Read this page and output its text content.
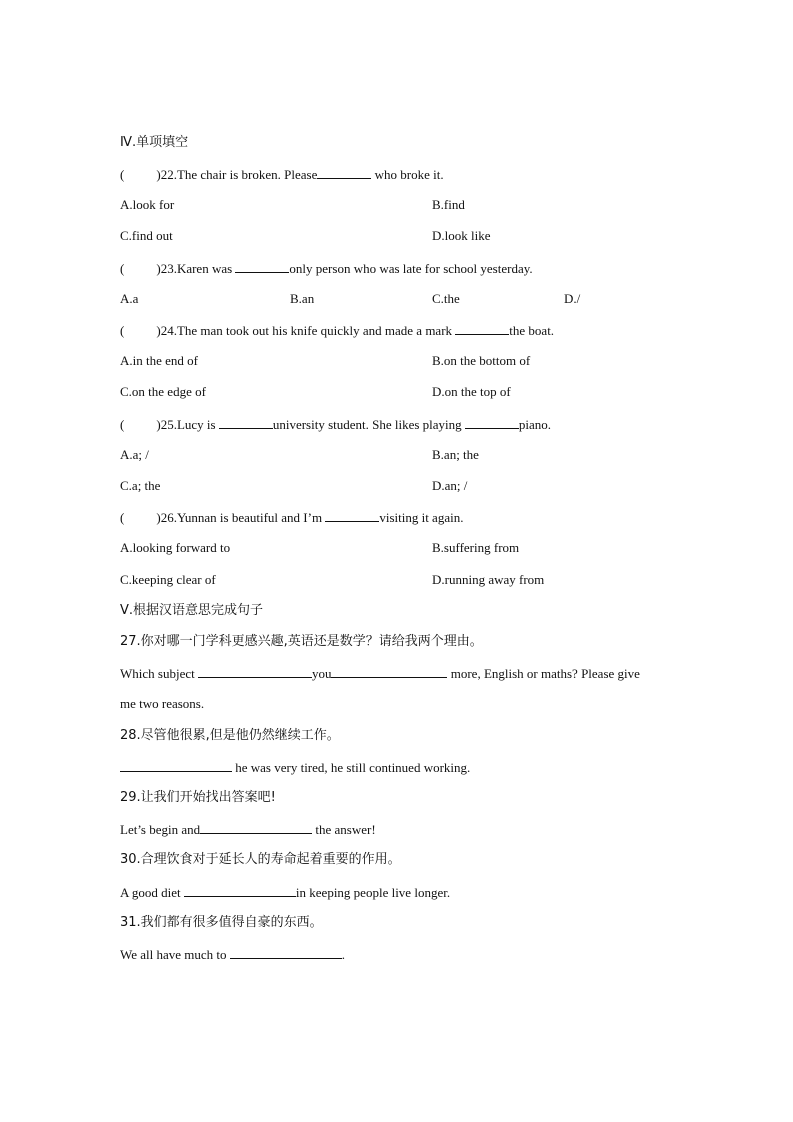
Ⅳ.单项填空
( )22.The chair is broken. Please	who broke it.
A.look for	B.find
C.find out	D.look like
( )23.Karen was	only person who was late for school yesterday.
A.a	B.an	C.the	D./
( )24.The man took out his knife quickly and made a mark	the boat.
A.in the end of	B.on the bottom of
C.on the edge of	D.on the top of
( )25.Lucy is	university student. She likes playing	piano.
A.a; /	B.an; the
C.a; the	D.an; /
( )26.Yunnan is beautiful and I’m	visiting it again.
A.looking forward to	B.suffering from
C.keeping clear of	D.running away from
Ⅴ.根据汉语意思完成句子
27.你对哪一门学科更感兴趣,英语还是数学？请给我两个理由。
Which subject	you	more, English or maths? Please give
me two reasons.
28.尽管他很累,但是他仍然继续工作。
he was very tired, he still continued working.
29.让我们开始找出答案吧!
Let’s begin and	the answer!
30.合理饮食对于延长人的寿命起着重要的作用。
A good diet	in keeping people live longer.
31.我们都有很多值得自豪的东西。
We all have much to	.
